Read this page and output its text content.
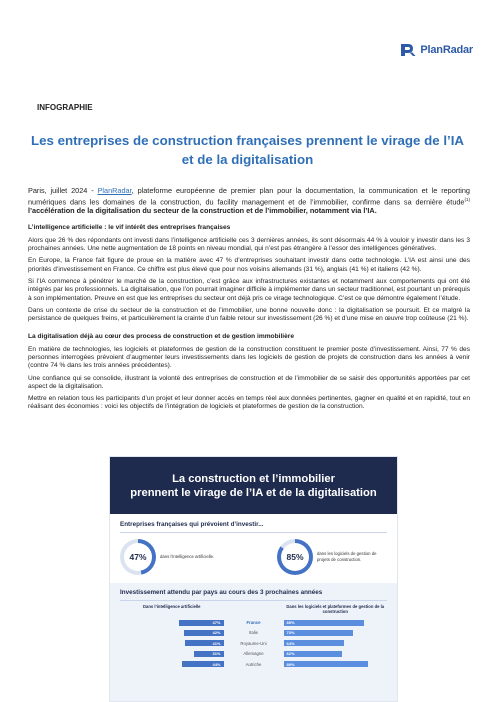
PlanRadar
INFOGRAPHIE
Les entreprises de construction françaises prennent le virage de l’IA et de la digitalisation

Paris, juillet 2024 - PlanRadar, plateforme européenne de premier plan pour la documentation, la communication et le reporting numériques dans les domaines de la construction, du facility management et de l’immobilier, confirme dans sa dernière étude$^{(1)}$ l’accélération de la digitalisation du secteur de la construction et de l’immobilier, notamment via l’IA.

L’intelligence artificielle : le vif intérêt des entreprises françaises

Alors que 26 % des répondants ont investi dans l’intelligence artificielle ces 3 dernières années, ils sont désormais 44 % à vouloir y investir dans les 3 prochaines années. Une nette augmentation de 18 points en niveau mondial, qui n’est pas étrangère à l’essor des intelligences génératives.

En Europe, la France fait figure de proue en la matière avec 47 % d’entreprises souhaitant investir dans cette technologie. L’IA est ainsi une des priorités d’investissement en France. Ce chiffre est plus élevé que pour nos voisins allemands (31 %), anglais (41 %) et italiens (42 %).

Si l’IA commence à pénétrer le marché de la construction, c’est grâce aux infrastructures existantes et notamment aux comportements qui ont été intégrés par les professionnels. La digitalisation, que l’on pourrait imaginer difficile à implémenter dans un secteur traditionnel, est pourtant un prérequis à son implémentation. Preuve en est que les entreprises du secteur ont déjà pris ce virage technologique. C’est ce que démontre également l’étude.

Dans un contexte de crise du secteur de la construction et de l’immobilier, une bonne nouvelle donc : la digitalisation se poursuit. Et ce malgré la persistance de quelques freins, et particulièrement la crainte d’un faible retour sur investissement (26 %) et d’une mise en œuvre trop coûteuse (21 %).

La digitalisation déjà au cœur des process de construction et de gestion immobilière

En matière de technologies, les logiciels et plateformes de gestion de la construction constituent le premier poste d’investissement. Ainsi, 77 % des personnes interrogées prévoient d’augmenter leurs investissements dans les logiciels de gestion de projets de construction dans les années à venir (contre 74 % dans les trois années précédentes).

Une confiance qui se consolide, illustrant la volonté des entreprises de construction et de l’immobilier de se saisir des opportunités apportées par cet aspect de la digitalisation.

Mettre en relation tous les participants d’un projet et leur donner accès en temps réel aux données pertinentes, gagner en qualité et en rapidité, tout en réalisant des économies : voici les objectifs de l’intégration de logiciels et plateformes de gestion de la construction.

La construction et l’immobilier
prennent le virage de l’IA et de la digitalisation
Entreprises françaises qui prévoient d’investir...
47%	dans l’intelligence artificielle.	85%	dans les logiciels de gestion de projets de construction.
Investissement attendu par pays au cours des 3 prochaines années
Dans l’intelligence artificielle	Dans les logiciels et plateformes de gestion de la construction
47%	France	85%
42%	Italie	73%
41%	Royaume-Uni	64%
31%	Allemagne	62%
44%	Autriche	89%
